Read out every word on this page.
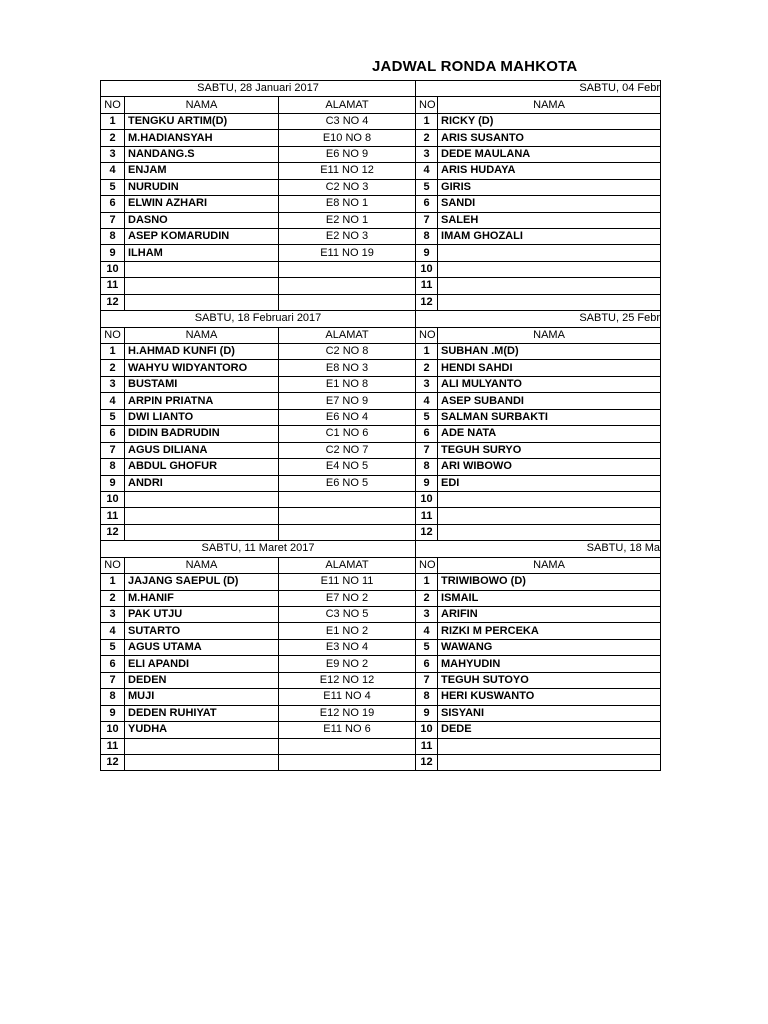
JADWAL RONDA MAHKOTA
SABTU, 28 Januari 2017			SABTU, 04 Febr	
NO	NAMA	ALAMAT	NO	NAMA
1	TENGKU ARTIM(D)	C3 NO 4	1	RICKY (D)
2	M.HADIANSYAH	E10 NO 8	2	ARIS SUSANTO
3	NANDANG.S	E6 NO 9	3	DEDE MAULANA
4	ENJAM	E11 NO 12	4	ARIS HUDAYA
5	NURUDIN	C2 NO 3	5	GIRIS
6	ELWIN AZHARI	E8 NO 1	6	SANDI
7	DASNO	E2 NO 1	7	SALEH
8	ASEP KOMARUDIN	E2 NO 3	8	IMAM GHOZALI
9	ILHAM	E11 NO 19	9	
10			10	
11			11	
12			12	
SABTU, 18 Februari 2017			SABTU, 25 Febr	
NO	NAMA	ALAMAT	NO	NAMA
1	H.AHMAD KUNFI (D)	C2 NO 8	1	SUBHAN .M(D)
2	WAHYU WIDYANTORO	E8 NO 3	2	HENDI SAHDI
3	BUSTAMI	E1 NO 8	3	ALI MULYANTO
4	ARPIN PRIATNA	E7 NO 9	4	ASEP SUBANDI
5	DWI LIANTO	E6 NO 4	5	SALMAN SURBAKTI
6	DIDIN BADRUDIN	C1 NO 6	6	ADE NATA
7	AGUS DILIANA	C2 NO 7	7	TEGUH SURYO
8	ABDUL GHOFUR	E4 NO 5	8	ARI WIBOWO
9	ANDRI	E6 NO 5	9	EDI
10			10	
11			11	
12			12	
SABTU, 11 Maret 2017			SABTU, 18 Ma	
NO	NAMA	ALAMAT	NO	NAMA
1	JAJANG SAEPUL (D)	E11 NO 11	1	TRIWIBOWO (D)
2	M.HANIF	E7 NO 2	2	ISMAIL
3	PAK UTJU	C3 NO 5	3	ARIFIN
4	SUTARTO	E1 NO 2	4	RIZKI M PERCEKA
5	AGUS UTAMA	E3 NO 4	5	WAWANG
6	ELI APANDI	E9 NO 2	6	MAHYUDIN
7	DEDEN	E12 NO 12	7	TEGUH SUTOYO
8	MUJI	E11 NO 4	8	HERI KUSWANTO
9	DEDEN RUHIYAT	E12 NO 19	9	SISYANI
10	YUDHA	E11 NO 6	10	DEDE
11			11	
12			12	
